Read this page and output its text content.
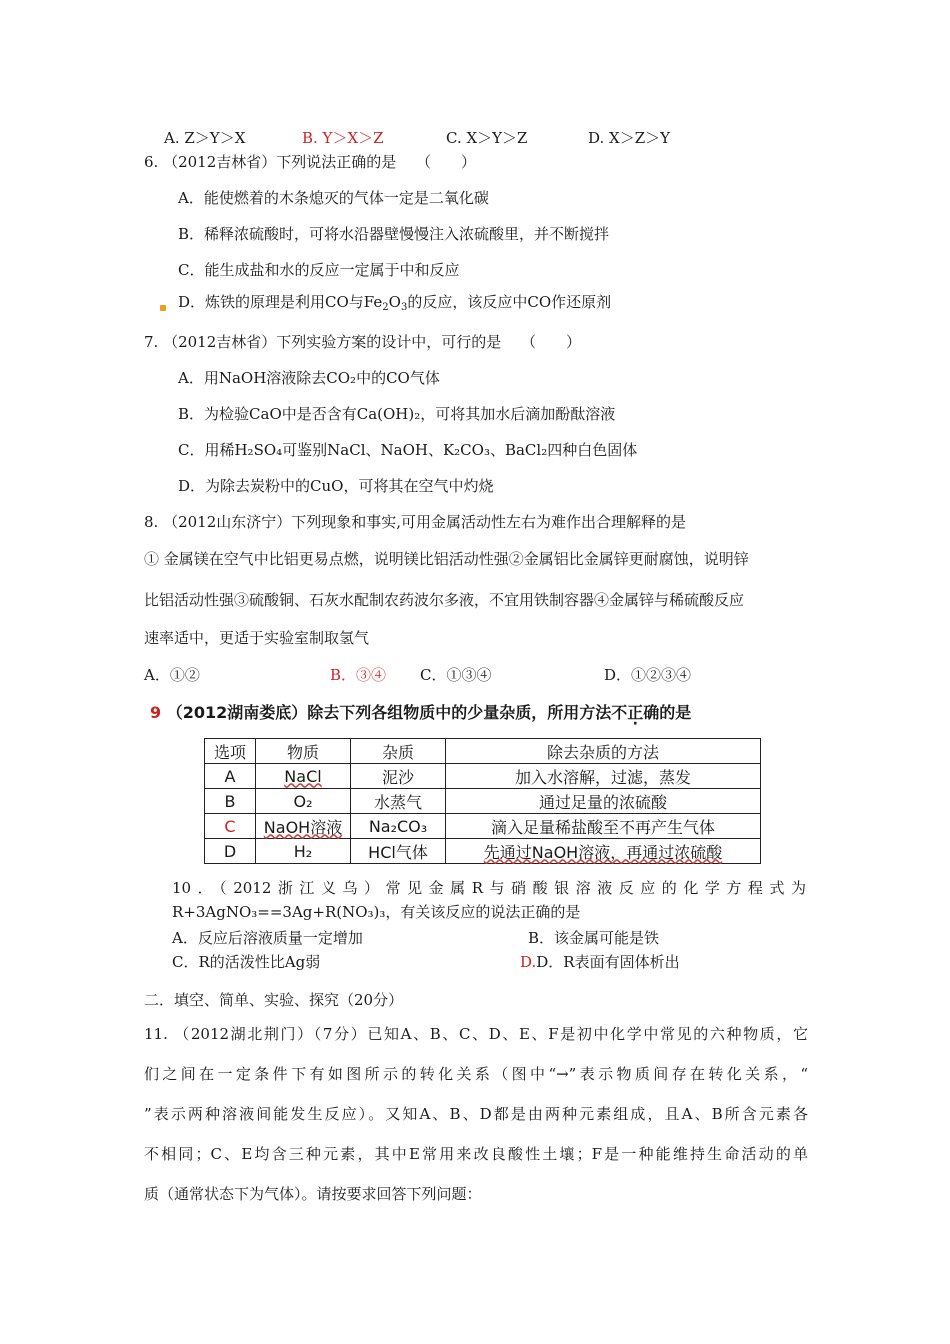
A. Z＞Y＞X	B. Y＞X＞Z	C. X＞Y＞Z	D. X＞Z＞Y
6. （2012吉林省）下列说法正确的是　 （　　）
A．能使燃着的木条熄灭的气体一定是二氧化碳
B．稀释浓硫酸时，可将水沿器壁慢慢注入浓硫酸里，并不断搅拌
C．能生成盐和水的反应一定属于中和反应
D．炼铁的原理是利用CO与$Fe_2O_3$的反应，该反应中CO作还原剂
7. （2012吉林省）下列实验方案的设计中，可行的是　 （　　）
A．用NaOH溶液除去CO₂中的CO气体
B．为检验CaO中是否含有Ca(OH)₂，可将其加水后滴加酚酞溶液
C．用稀H₂SO₄可鉴别NaCl、NaOH、K₂CO₃、BaCl₂四种白色固体
D．为除去炭粉中的CuO，可将其在空气中灼烧
8. （2012山东济宁）下列现象和事实,可用金属活动性左右为难作出合理解释的是
① 金属镁在空气中比铝更易点燃，说明镁比铝活动性强②金属铝比金属锌更耐腐蚀，说明锌
比铝活动性强③硫酸铜、石灰水配制农药波尔多液，不宜用铁制容器④金属锌与稀硫酸反应
速率适中，更适于实验室制取氢气
A．①②	B．③④ C．①③④	D．①②③④
9 （2012湖南娄底）除去下列各组物质中的少量杂质，所用方法不正确的是
选项	物质	杂质	除去杂质的方法
A	NaCl	泥沙	加入水溶解，过滤，蒸发
B	O₂	水蒸气	通过足量的浓硫酸
C	NaOH溶液	Na₂CO₃	滴入足量稀盐酸至不再产生气体
D	H₂	HCl气体	先通过NaOH溶液，再通过浓硫酸
10．（2012浙江义乌）常见金属R与硝酸银溶液反应的化学方程式为
R+3AgNO₃==3Ag+R(NO₃)₃，有关该反应的说法正确的是
A．反应后溶液质量一定增加	B．该金属可能是铁
C．R的活泼性比Ag弱	D.D．R表面有固体析出
二．填空、简单、实验、探究（20分）
11. （2012湖北荆门）（7分）已知A、B、C、D、E、F是初中化学中常见的六种物质，它
们之间在一定条件下有如图所示的转化关系（图中“→”表示物质间存在转化关系，“
”表示两种溶液间能发生反应）。又知A、B、D都是由两种元素组成，且A、B所含元素各
不相同；C、E均含三种元素，其中E常用来改良酸性土壤；F是一种能维持生命活动的单
质（通常状态下为气体）。请按要求回答下列问题：
